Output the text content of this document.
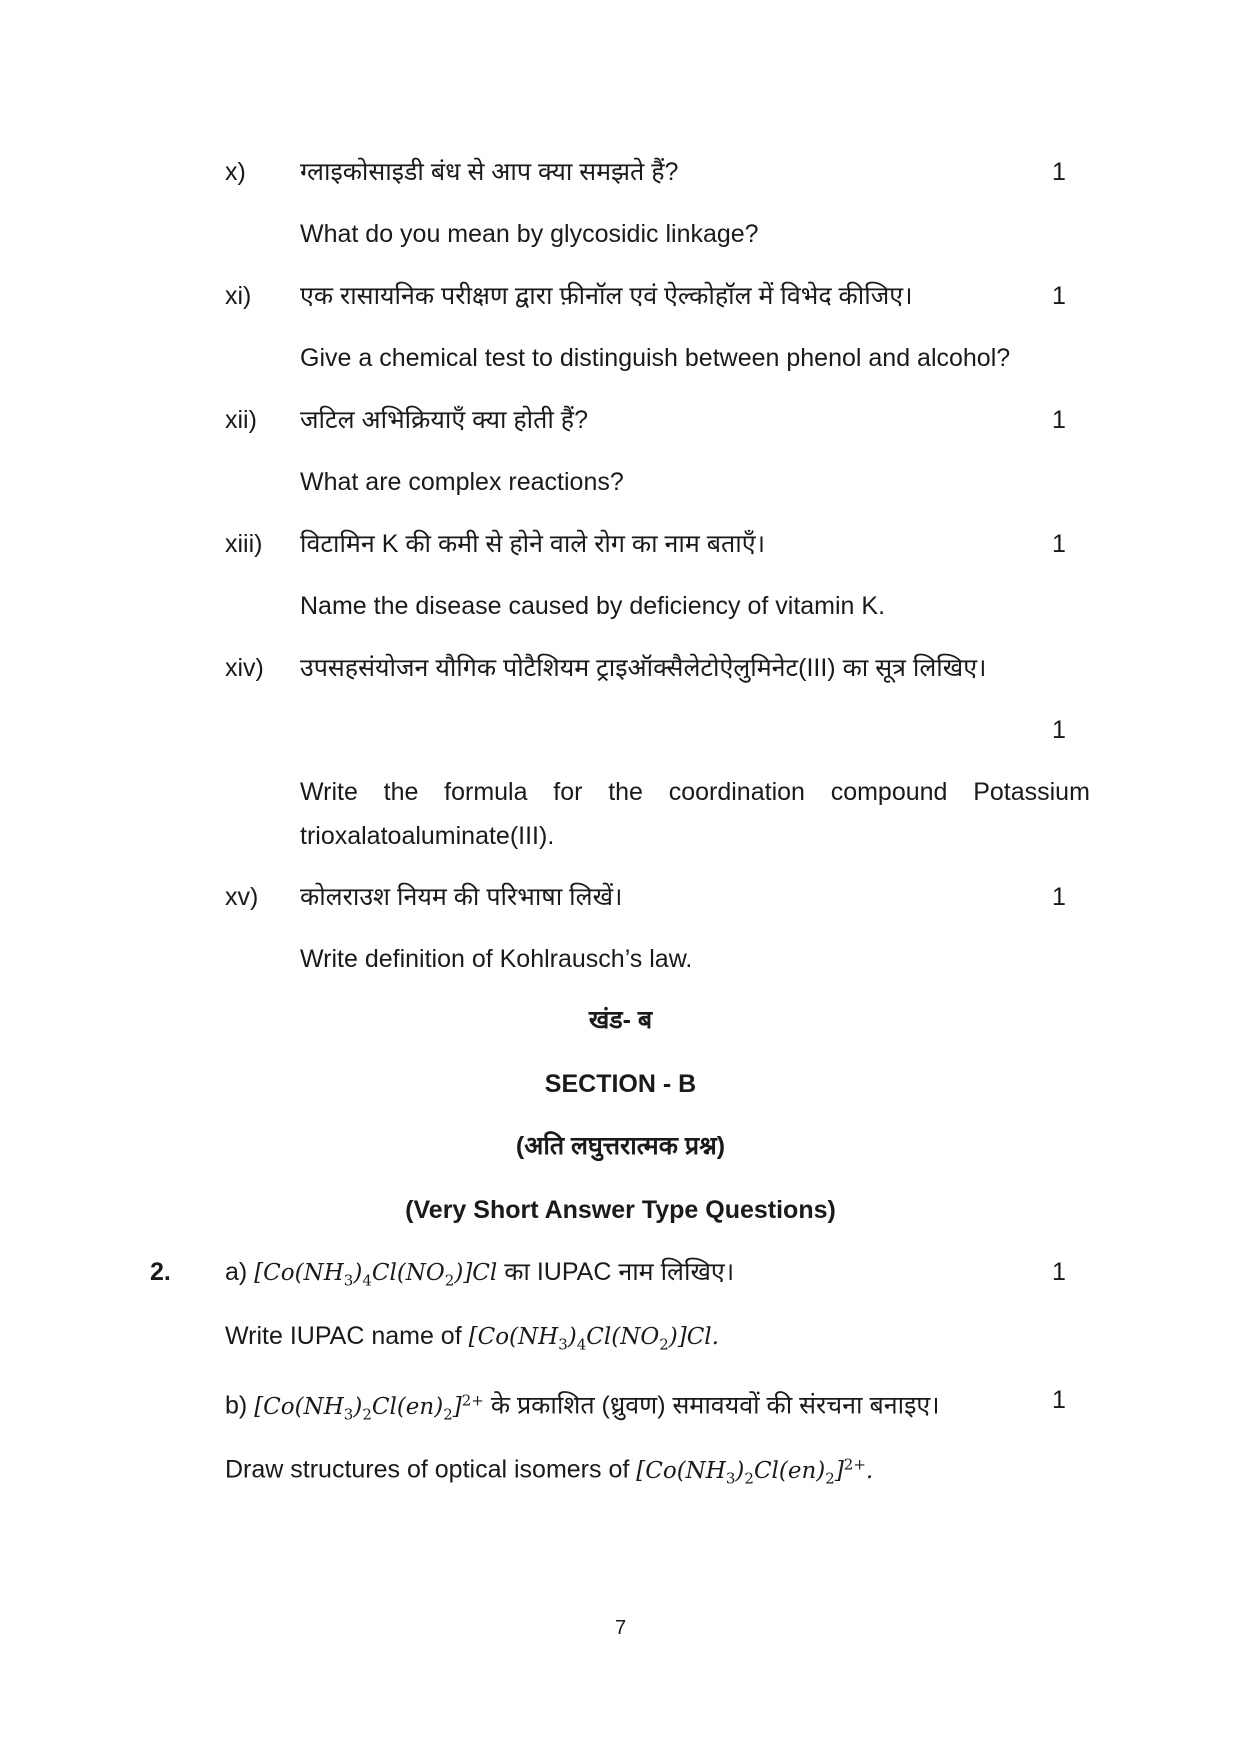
x) ग्लाइकोसाइडी बंध से आप क्या समझते हैं?	1
What do you mean by glycosidic linkage?
xi) एक रासायनिक परीक्षण द्वारा फ़ीनॉल एवं ऐल्कोहॉल में विभेद कीजिए।	1
Give a chemical test to distinguish between phenol and alcohol?
xii) जटिल अभिक्रियाएँ क्या होती हैं?	1
What are complex reactions?
xiii) विटामिन K की कमी से होने वाले रोग का नाम बताएँ।	1
Name the disease caused by deficiency of vitamin K.
xiv) उपसहसंयोजन यौगिक पोटैशियम ट्राइऑक्सैलेटोऐलुमिनेट(III) का सूत्र लिखिए।
1
Write the formula for the coordination compound Potassium
trioxalatoaluminate(III).
xv) कोलराउश नियम की परिभाषा लिखें।	1
Write definition of Kohlrausch’s law.
खंड- ब
SECTION - B
(अति लघुत्तरात्मक प्रश्न)
(Very Short Answer Type Questions)
2. a) $[Co(NH_3)_4Cl(NO_2)]Cl$ का IUPAC नाम लिखिए।	1
Write IUPAC name of $[Co(NH_3)_4Cl(NO_2)]Cl$.
b) $[Co(NH_3)_2Cl(en)_2]^{2+}$ के प्रकाशित (ध्रुवण) समावयवों की संरचना बनाइए।	1
Draw structures of optical isomers of $[Co(NH_3)_2Cl(en)_2]^{2+}$.
7
